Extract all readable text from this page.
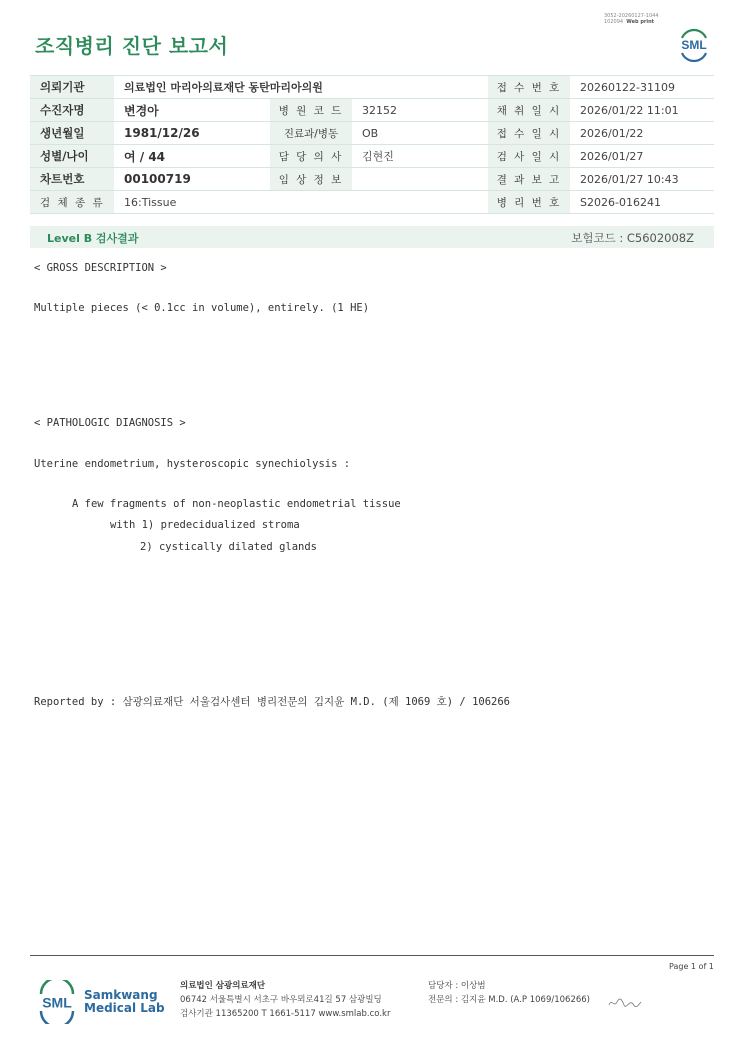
3052-20260127-1044
102094 Web print
조직병리 진단 보고서	SML
의뢰기관	의료법인 마리아의료재단 동탄마리아의원			접 수 번 호	20260122-31109
수진자명	변경아	병 원 코 드	32152	채 취 일 시	2026/01/22 11:01
생년월일	1981/12/26	진료과/병동	OB	접 수 일 시	2026/01/22
성별/나이	여 / 44	담 당 의 사	김현진	검 사 일 시	2026/01/27
차트번호	00100719	임 상 정 보		결 과 보 고	2026/01/27 10:43
검 체 종 류	16:Tissue			병 리 번 호	S2026-016241
Level B 검사결과	보험코드 : C5602008Z
< GROSS DESCRIPTION >
Multiple pieces (< 0.1cc in volume), entirely. (1 HE)
< PATHOLOGIC DIAGNOSIS >
Uterine endometrium, hysteroscopic synechiolysis :
A few fragments of non-neoplastic endometrial tissue
with 1) predecidualized stroma
2) cystically dilated glands
Reported by : 삼광의료재단 서울검사센터 병리전문의 김지윤 M.D. (제 1069 호) / 106266
Page 1 of 1
SML Samkwang
Medical Lab
의료법인 삼광의료재단
06742 서울특별시 서초구 바우뫼로41길 57 삼광빌딩
검사기관 11365200 T 1661-5117 www.smlab.co.kr
담당자 : 이상범
전문의 : 김지윤 M.D. (A.P 1069/106266)
